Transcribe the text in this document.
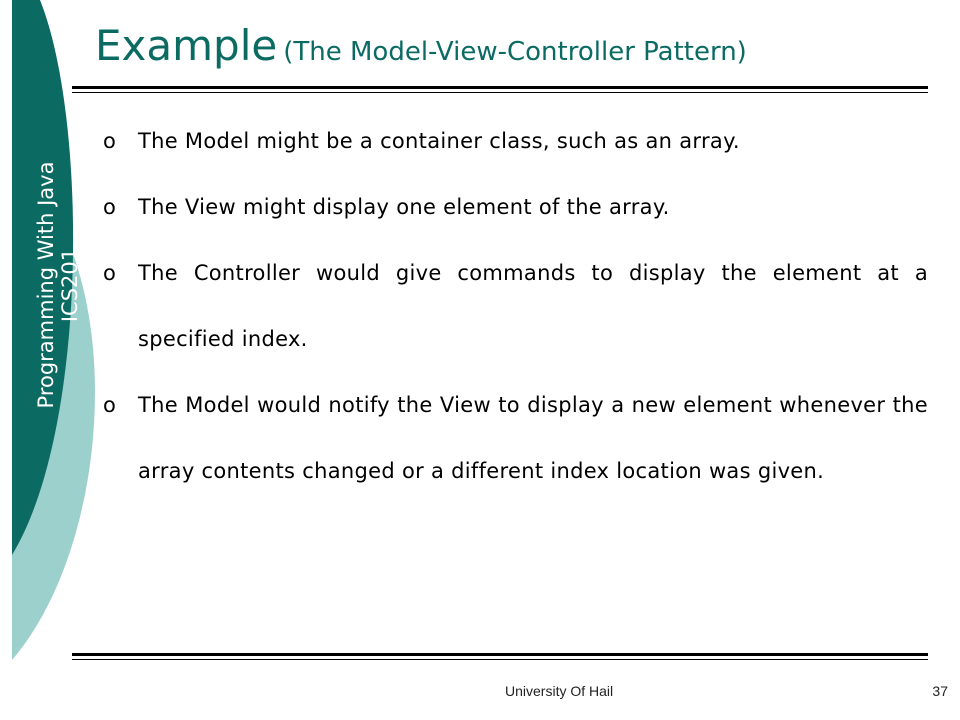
Programming With Java ICS201
Example (The Model-View-Controller Pattern)
o The Model might be a container class, such as an array.
o The View might display one element of the array.
o The Controller would give commands to display the element at a specified index.
o The Model would notify the View to display a new element whenever the array contents changed or a different index location was given.
University Of Hail	37
